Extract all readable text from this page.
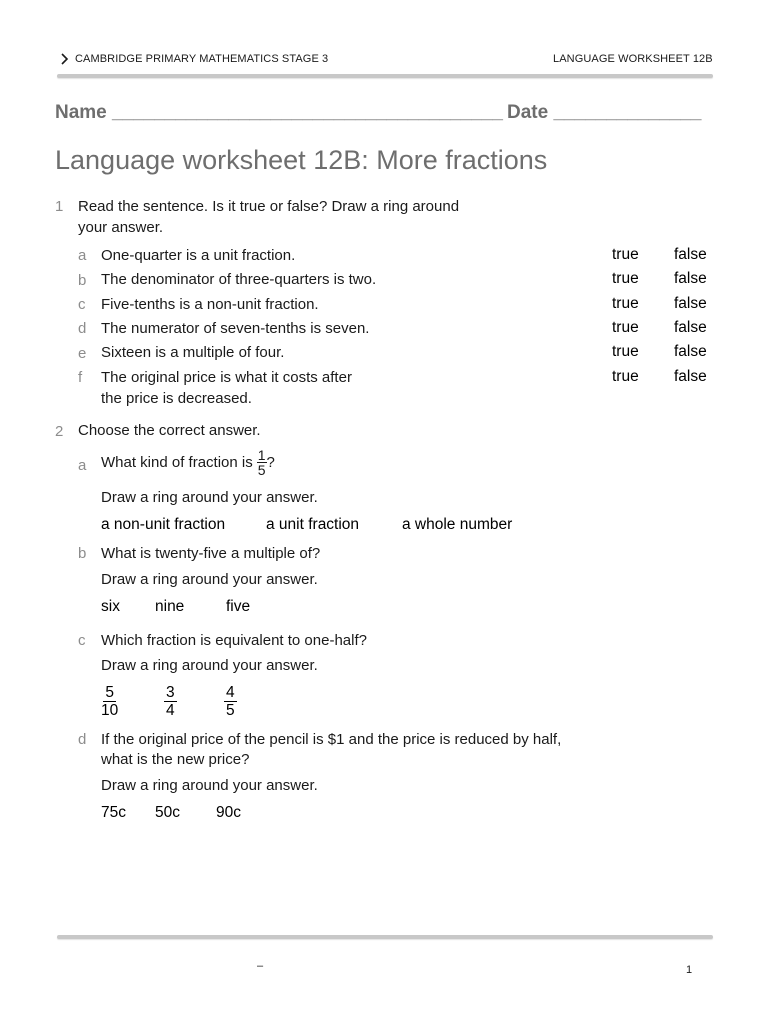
CAMBRIDGE PRIMARY MATHEMATICS STAGE 3	LANGUAGE WORKSHEET 12B
Name _____________________________________ Date ______________
Language worksheet 12B: More fractions
1 Read the sentence. Is it true or false? Draw a ring around
your answer.
a One-quarter is a unit fraction.	true false
b The denominator of three-quarters is two.	true false
c Five-tenths is a non-unit fraction.	true false
d The numerator of seven-tenths is seven.	true false
e Sixteen is a multiple of four.	true false
f The original price is what it costs after
the price is decreased.
true false
2 Choose the correct answer.
a What kind of fraction is $\frac{1}{5}$ ?
Draw a ring around your answer.
a non-unit fraction	a unit fraction	a whole number
b What is twenty-five a multiple of?
Draw a ring around your answer.
six nine	five
c Which fraction is equivalent to one-half?
Draw a ring around your answer.
$\frac{5}{10}$	$\frac{3}{4}$	$\frac{4}{5}$
d If the original price of the pencil is $1 and the price is reduced by half,
what is the new price?
Draw a ring around your answer.
75c 50c 90c
–	1
